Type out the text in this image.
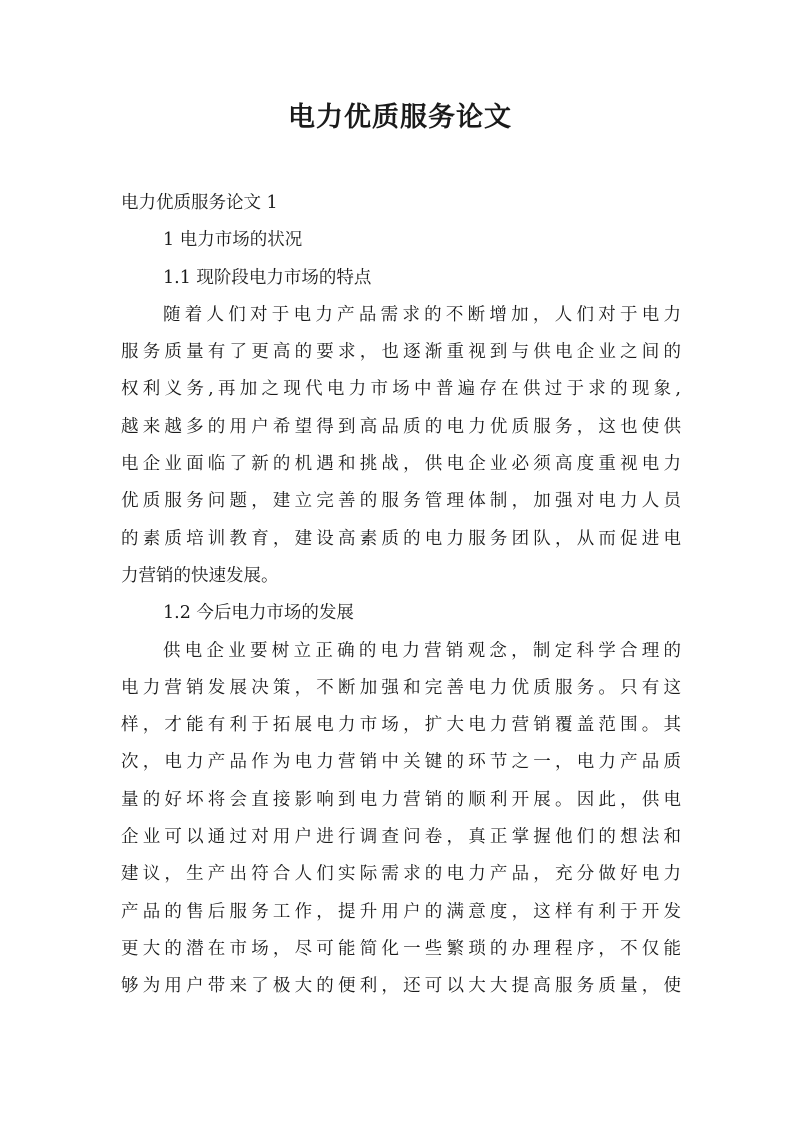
电力优质服务论文
电力优质服务论文 1
1 电力市场的状况
1.1 现阶段电力市场的特点
随着人们对于电力产品需求的不断增加，人们对于电力
服务质量有了更高的要求，也逐渐重视到与供电企业之间的
权利义务,再加之现代电力市场中普遍存在供过于求的现象,
越来越多的用户希望得到高品质的电力优质服务，这也使供
电企业面临了新的机遇和挑战，供电企业必须高度重视电力
优质服务问题，建立完善的服务管理体制，加强对电力人员
的素质培训教育，建设高素质的电力服务团队，从而促进电
力营销的快速发展。
1.2 今后电力市场的发展
供电企业要树立正确的电力营销观念，制定科学合理的
电力营销发展决策，不断加强和完善电力优质服务。只有这
样，才能有利于拓展电力市场，扩大电力营销覆盖范围。其
次，电力产品作为电力营销中关键的环节之一，电力产品质
量的好坏将会直接影响到电力营销的顺利开展。因此，供电
企业可以通过对用户进行调查问卷，真正掌握他们的想法和
建议，生产出符合人们实际需求的电力产品，充分做好电力
产品的售后服务工作，提升用户的满意度，这样有利于开发
更大的潜在市场，尽可能简化一些繁琐的办理程序，不仅能
够为用户带来了极大的便利，还可以大大提高服务质量，使
